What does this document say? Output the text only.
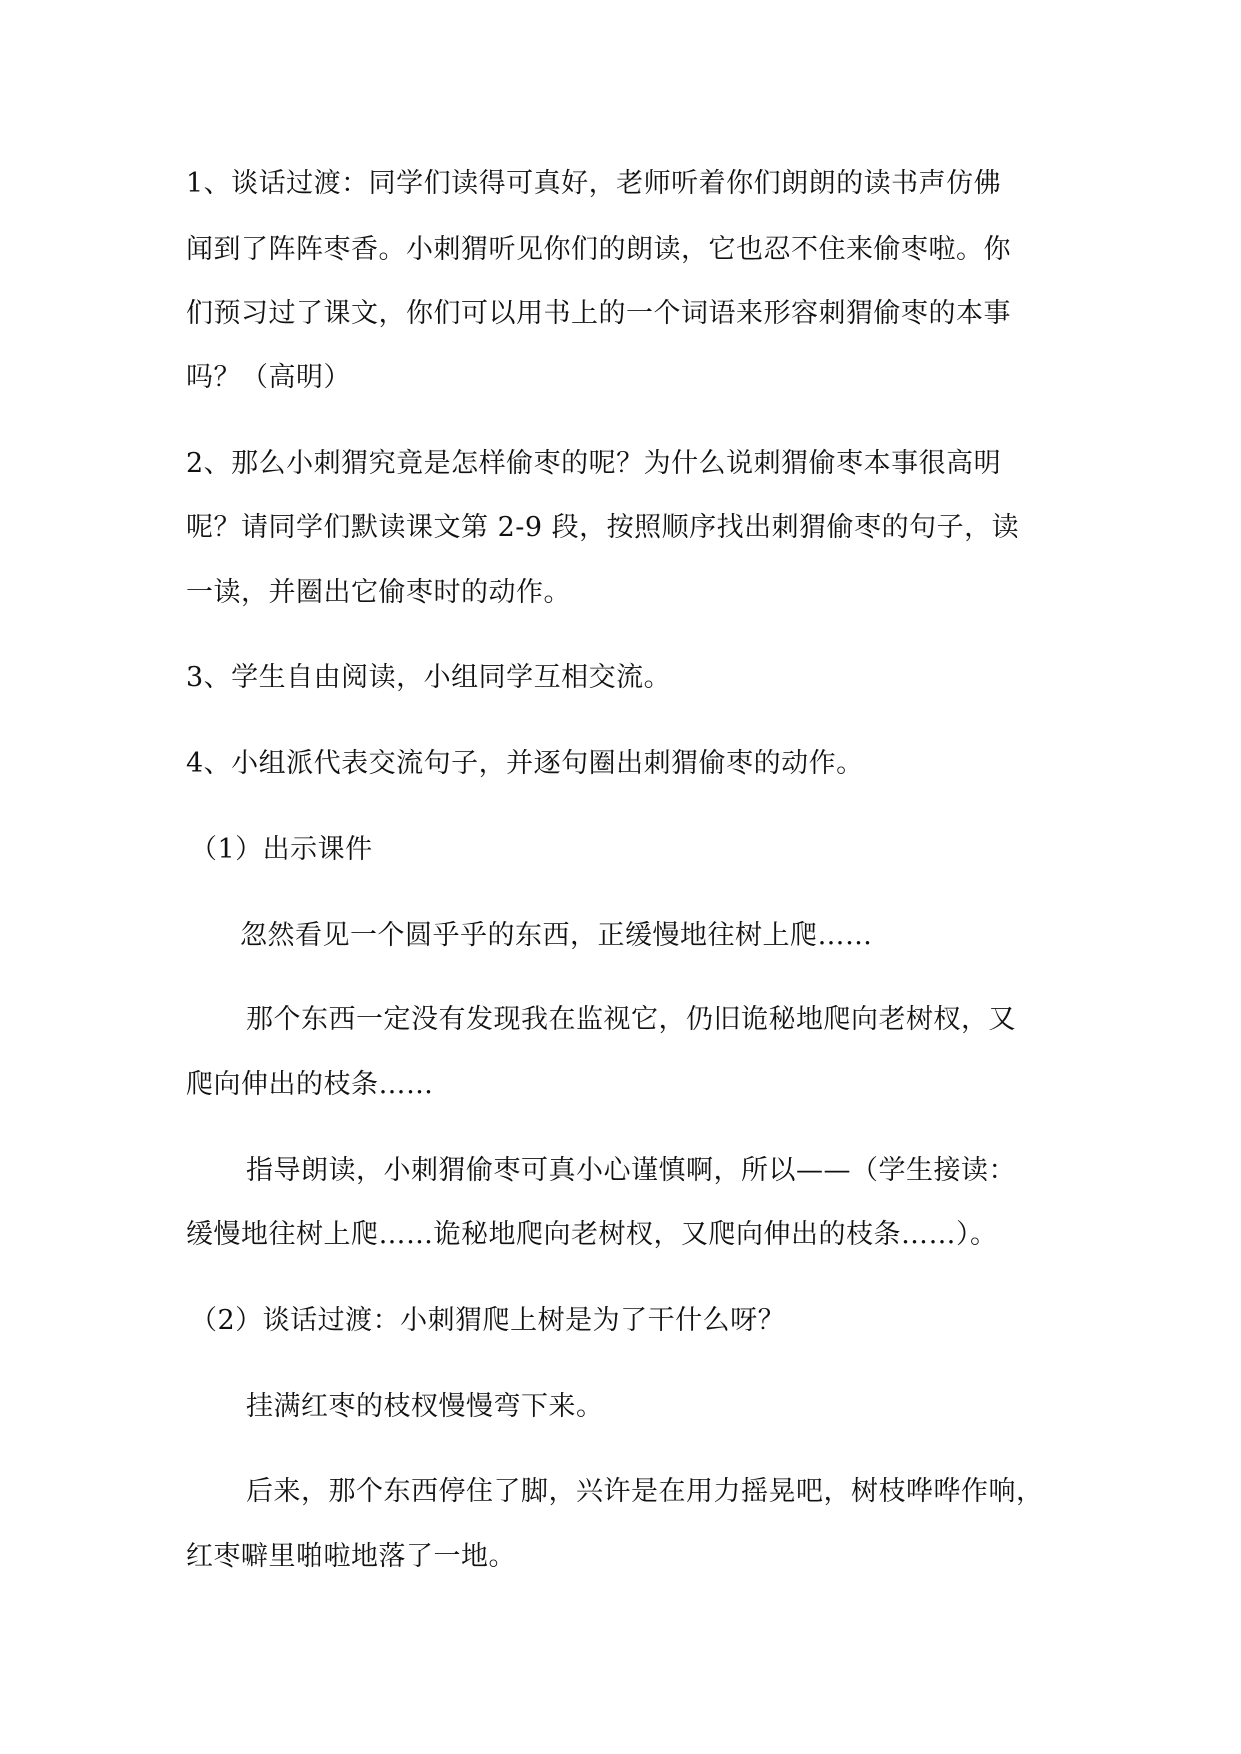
1、谈话过渡：同学们读得可真好，老师听着你们朗朗的读书声仿佛
闻到了阵阵枣香。小刺猬听见你们的朗读，它也忍不住来偷枣啦。你
们预习过了课文，你们可以用书上的一个词语来形容刺猬偷枣的本事
吗？（高明）
2、那么小刺猬究竟是怎样偷枣的呢？为什么说刺猬偷枣本事很高明
呢？请同学们默读课文第 2-9 段，按照顺序找出刺猬偷枣的句子，读
一读，并圈出它偷枣时的动作。
3、学生自由阅读，小组同学互相交流。
4、小组派代表交流句子，并逐句圈出刺猬偷枣的动作。
（1）出示课件
忽然看见一个圆乎乎的东西，正缓慢地往树上爬……
那个东西一定没有发现我在监视它，仍旧诡秘地爬向老树杈，又
爬向伸出的枝条……
指导朗读，小刺猬偷枣可真小心谨慎啊，所以——（学生接读：
缓慢地往树上爬……诡秘地爬向老树杈，又爬向伸出的枝条……）。
（2）谈话过渡：小刺猬爬上树是为了干什么呀？
挂满红枣的枝杈慢慢弯下来。
后来，那个东西停住了脚，兴许是在用力摇晃吧，树枝哗哗作响，
红枣噼里啪啦地落了一地。
